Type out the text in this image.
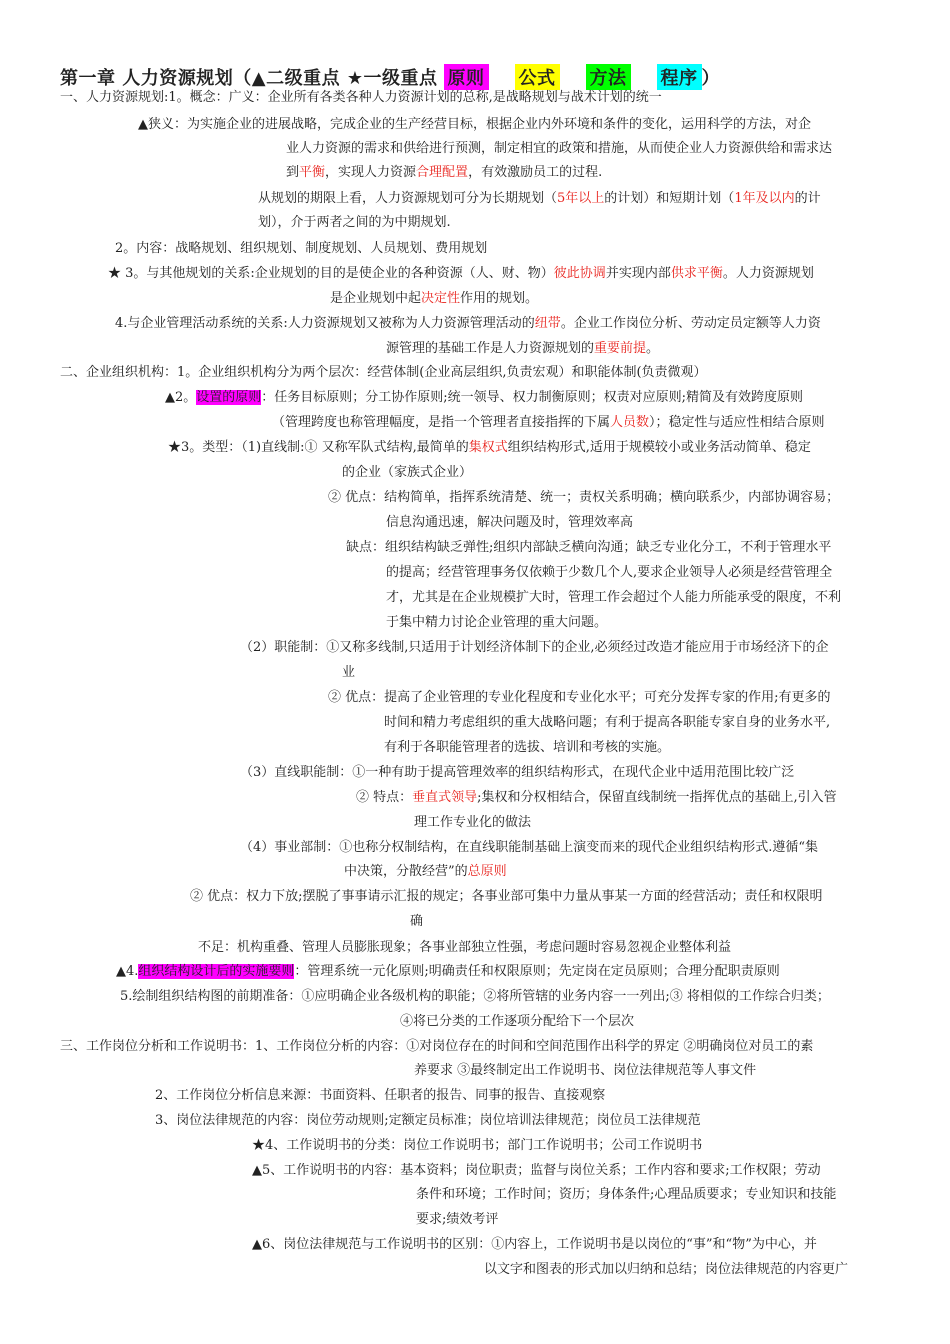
第一章 人力资源规划（▲二级重点 ★一级重点 原则 公式 方法 程序 ）
一、人力资源规划:1。概念：广义：企业所有各类各种人力资源计划的总称,是战略规划与战术计划的统一
▲狭义：为实施企业的进展战略，完成企业的生产经营目标，根据企业内外环境和条件的变化，运用科学的方法，对企
业人力资源的需求和供给进行预测，制定相宜的政策和措施，从而使企业人力资源供给和需求达
到平衡，实现人力资源合理配置，有效激励员工的过程.
从规划的期限上看，人力资源规划可分为长期规划（5年以上的计划）和短期计划（1年及以内的计
划），介于两者之间的为中期规划.
2。内容：战略规划、组织规划、制度规划、人员规划、费用规划
★ 3。与其他规划的关系:企业规划的目的是使企业的各种资源（人、财、物）彼此协调并实现内部供求平衡。人力资源规划
是企业规划中起决定性作用的规划。
4.与企业管理活动系统的关系:人力资源规划又被称为人力资源管理活动的纽带。企业工作岗位分析、劳动定员定额等人力资
源管理的基础工作是人力资源规划的重要前提。
二、企业组织机构：1。企业组织机构分为两个层次：经营体制(企业高层组织,负责宏观）和职能体制(负责微观）
▲2。设置的原则：任务目标原则；分工协作原则;统一领导、权力制衡原则；权责对应原则;精简及有效跨度原则
（管理跨度也称管理幅度，是指一个管理者直接指挥的下属人员数）；稳定性与适应性相结合原则
★3。类型：（1)直线制:① 又称军队式结构,最简单的集权式组织结构形式,适用于规模较小或业务活动简单、稳定
的企业（家族式企业）
② 优点：结构简单，指挥系统清楚、统一；责权关系明确；横向联系少，内部协调容易；
信息沟通迅速，解决问题及时，管理效率高
缺点：组织结构缺乏弹性;组织内部缺乏横向沟通；缺乏专业化分工，不利于管理水平
的提高；经营管理事务仅依赖于少数几个人,要求企业领导人必须是经营管理全
才，尤其是在企业规模扩大时，管理工作会超过个人能力所能承受的限度，不利
于集中精力讨论企业管理的重大问题。
（2）职能制：①又称多线制,只适用于计划经济体制下的企业,必须经过改造才能应用于市场经济下的企
业
② 优点：提高了企业管理的专业化程度和专业化水平；可充分发挥专家的作用;有更多的
时间和精力考虑组织的重大战略问题；有利于提高各职能专家自身的业务水平,
有利于各职能管理者的选拔、培训和考核的实施。
（3）直线职能制：①一种有助于提高管理效率的组织结构形式，在现代企业中适用范围比较广泛
② 特点：垂直式领导;集权和分权相结合，保留直线制统一指挥优点的基础上,引入管
理工作专业化的做法
（4）事业部制：①也称分权制结构，在直线职能制基础上演变而来的现代企业组织结构形式.遵循“集
中决策，分散经营”的总原则
② 优点：权力下放;摆脱了事事请示汇报的规定；各事业部可集中力量从事某一方面的经营活动；责任和权限明
确
不足：机构重叠、管理人员膨胀现象；各事业部独立性强，考虑问题时容易忽视企业整体利益
▲4.组织结构设计后的实施要则：管理系统一元化原则;明确责任和权限原则；先定岗在定员原则；合理分配职责原则
5.绘制组织结构图的前期准备：①应明确企业各级机构的职能；②将所管辖的业务内容一一列出;③ 将相似的工作综合归类；
④将已分类的工作逐项分配给下一个层次
三、工作岗位分析和工作说明书：1、工作岗位分析的内容：①对岗位存在的时间和空间范围作出科学的界定 ②明确岗位对员工的素
养要求 ③最终制定出工作说明书、岗位法律规范等人事文件
2、工作岗位分析信息来源：书面资料、任职者的报告、同事的报告、直接观察
3、岗位法律规范的内容：岗位劳动规则;定额定员标准；岗位培训法律规范；岗位员工法律规范
★4、工作说明书的分类：岗位工作说明书；部门工作说明书；公司工作说明书
▲5、工作说明书的内容：基本资料；岗位职责；监督与岗位关系；工作内容和要求;工作权限；劳动
条件和环境；工作时间；资历；身体条件;心理品质要求；专业知识和技能
要求;绩效考评
▲6、岗位法律规范与工作说明书的区别：①内容上，工作说明书是以岗位的“事”和“物”为中心，并
以文字和图表的形式加以归纳和总结；岗位法律规范的内容更广
